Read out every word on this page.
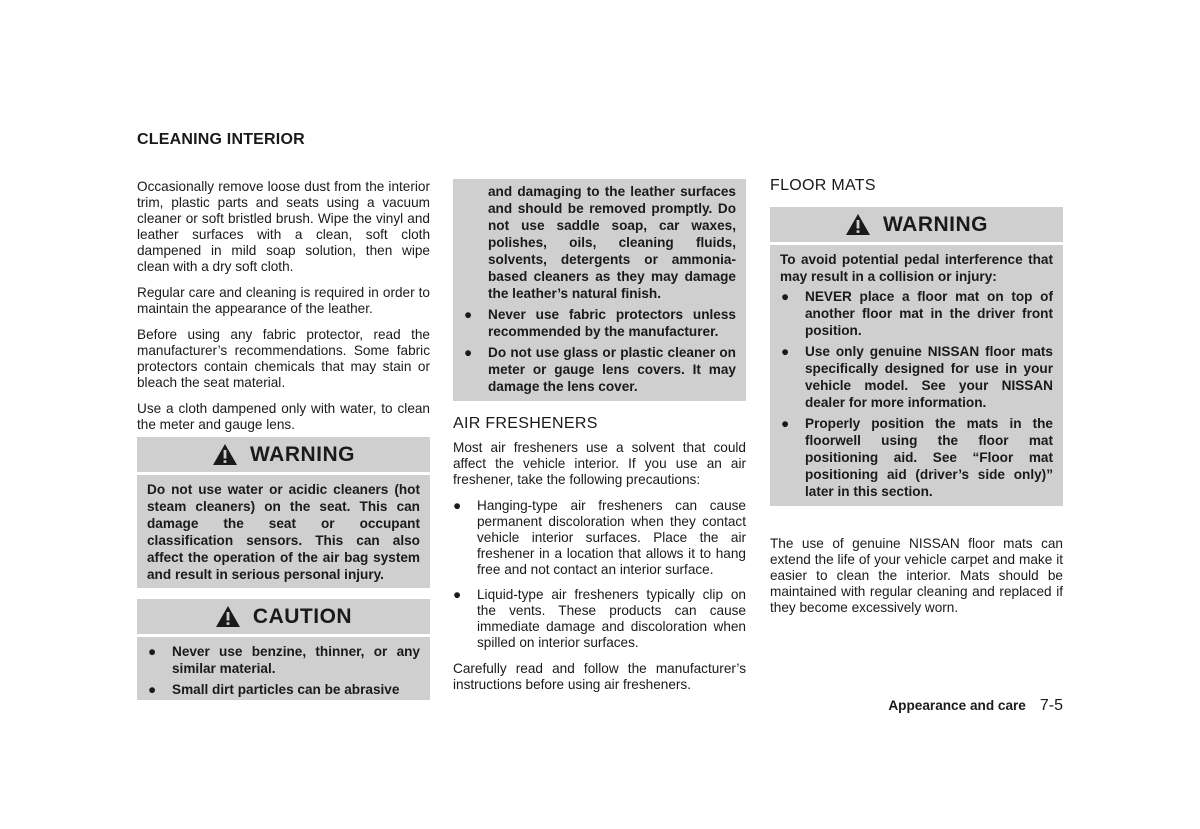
CLEANING INTERIOR

Occasionally remove loose dust from the interior trim, plastic parts and seats using a vacuum cleaner or soft bristled brush. Wipe the vinyl and leather surfaces with a clean, soft cloth dampened in mild soap solution, then wipe clean with a dry soft cloth.

Regular care and cleaning is required in order to maintain the appearance of the leather.

Before using any fabric protector, read the manufacturer’s recommendations. Some fabric protectors contain chemicals that may stain or bleach the seat material.

Use a cloth dampened only with water, to clean the meter and gauge lens.

WARNING

Do not use water or acidic cleaners (hot steam cleaners) on the seat. This can damage the seat or occupant classification sensors. This can also affect the operation of the air bag system and result in serious personal injury.

CAUTION
● Never use benzine, thinner, or any similar material.
● Small dirt particles can be abrasive

and damaging to the leather surfaces and should be removed promptly. Do not use saddle soap, car waxes, polishes, oils, cleaning fluids, solvents, detergents or ammonia-based cleaners as they may damage the leather’s natural finish.

● Never use fabric protectors unless recommended by the manufacturer.
● Do not use glass or plastic cleaner on meter or gauge lens covers. It may damage the lens cover.

AIR FRESHENERS

Most air fresheners use a solvent that could affect the vehicle interior. If you use an air freshener, take the following precautions:

● Hanging-type air fresheners can cause permanent discoloration when they contact vehicle interior surfaces. Place the air freshener in a location that allows it to hang free and not contact an interior surface.
● Liquid-type air fresheners typically clip on the vents. These products can cause immediate damage and discoloration when spilled on interior surfaces.

Carefully read and follow the manufacturer’s instructions before using air fresheners.

FLOOR MATS

WARNING

To avoid potential pedal interference that may result in a collision or injury:

● NEVER place a floor mat on top of another floor mat in the driver front position.
● Use only genuine NISSAN floor mats specifically designed for use in your vehicle model. See your NISSAN dealer for more information.
● Properly position the mats in the floorwell using the floor mat positioning aid. See “Floor mat positioning aid (driver’s side only)” later in this section.

The use of genuine NISSAN floor mats can extend the life of your vehicle carpet and make it easier to clean the interior. Mats should be maintained with regular cleaning and replaced if they become excessively worn.

Appearance and care 7-5
